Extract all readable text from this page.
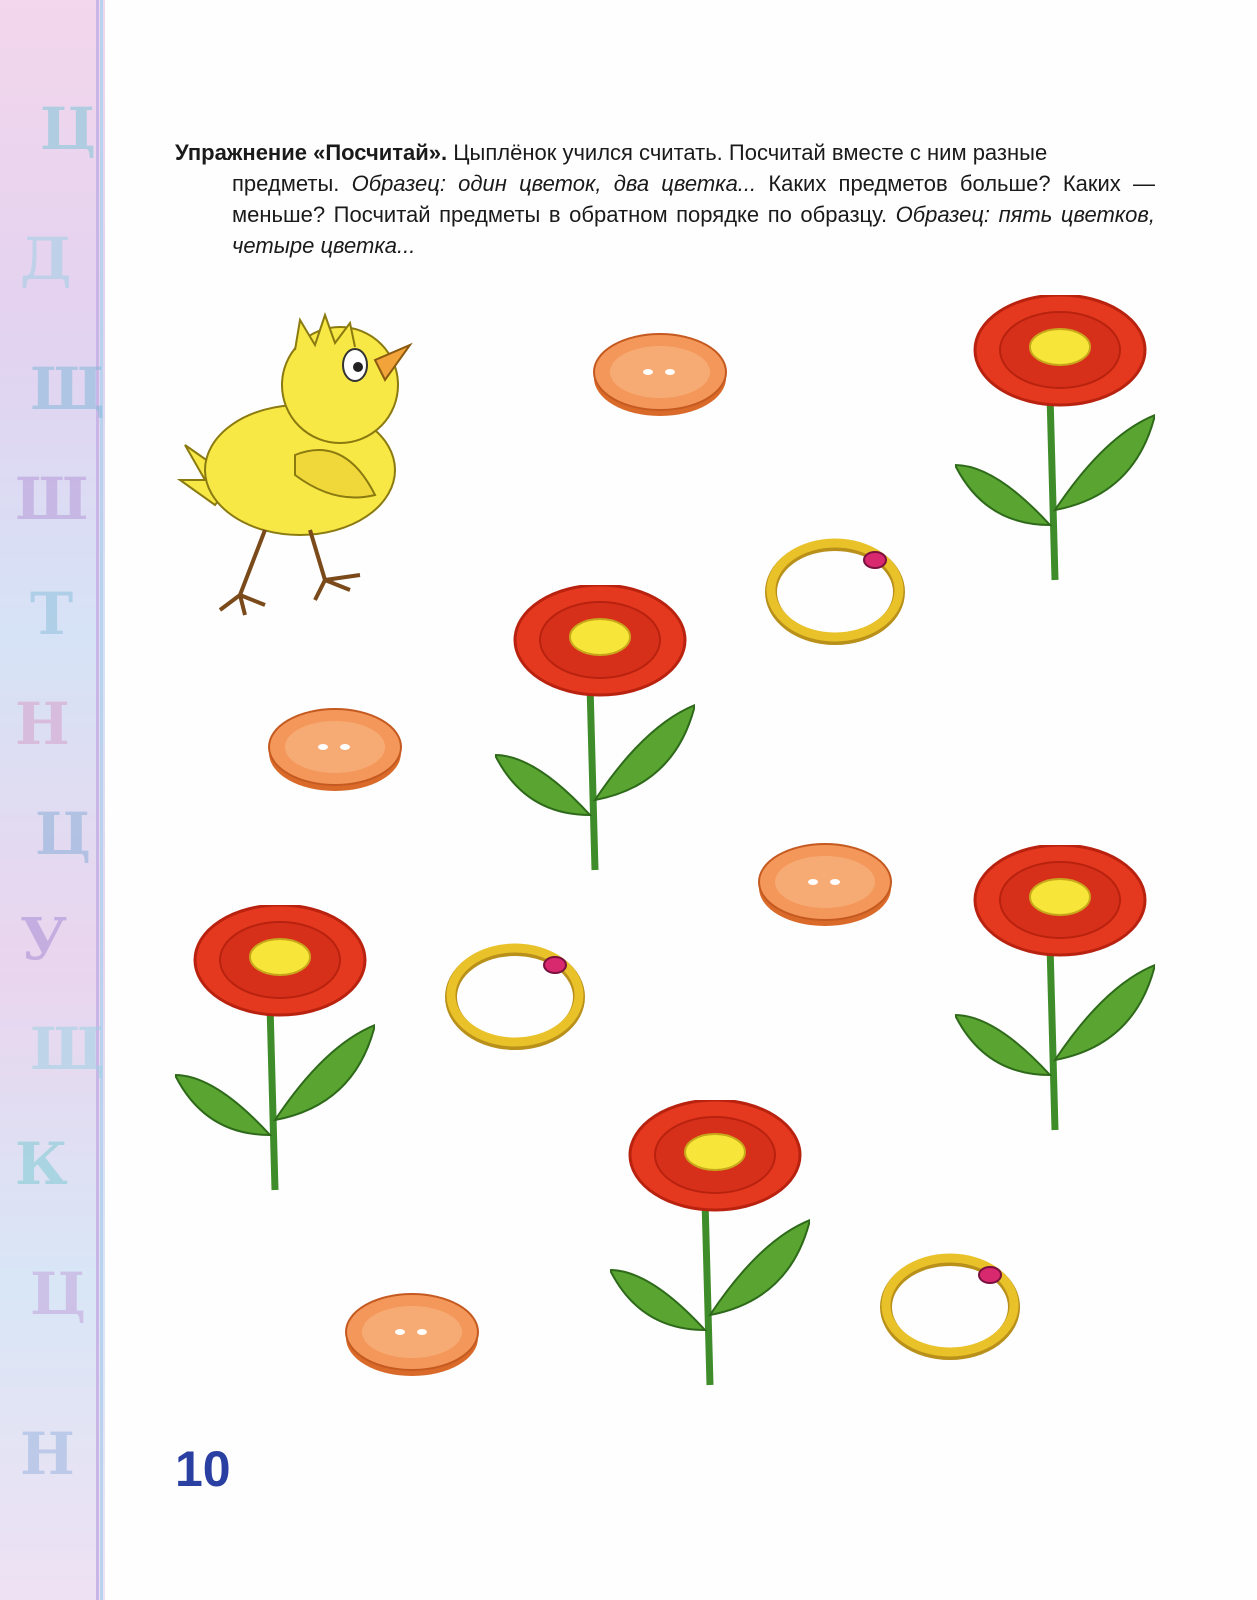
Ц
Д
Щ
Ш
Т
Н
Ц
У
Щ
К
Ц
Н
Упражнение «Посчитай». Цыплёнок учился считать. Посчитай вместе с ним разные
предметы. Образец: один цветок, два цветка... Каких предметов больше? Каких — меньше? Посчитай предметы в обратном порядке по образцу. Образец: пять цветков, четыре цветка...
10
